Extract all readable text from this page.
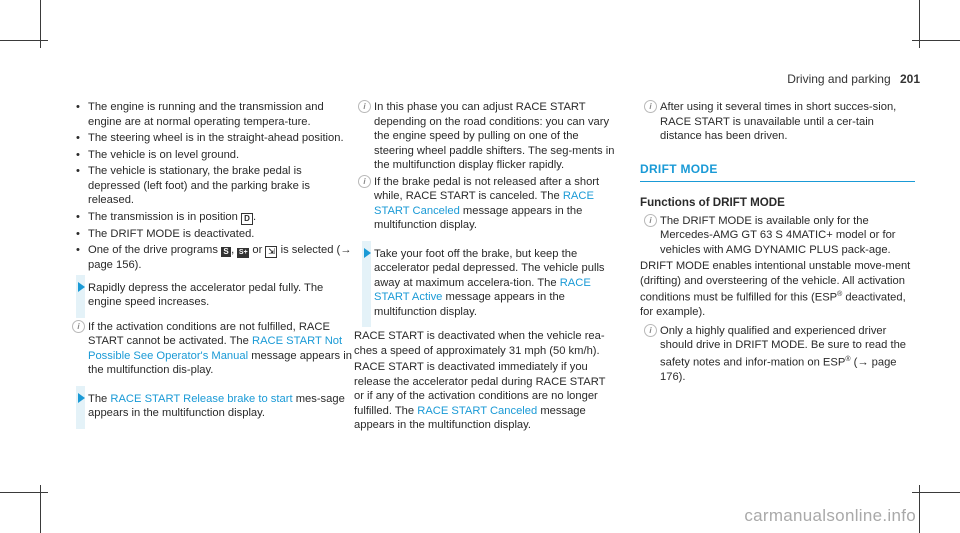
Driving and parking 201
• The engine is running and the transmission and engine are at normal operating tempera-ture.
• The steering wheel is in the straight-ahead position.
• The vehicle is on level ground.
• The vehicle is stationary, the brake pedal is depressed (left foot) and the parking brake is released.
• The transmission is in position D .
• The DRIFT MODE is deactivated.
• One of the drive programs S , S+ or ⇲ is selected (→ page 156).
Rapidly depress the accelerator pedal fully. The engine speed increases.
i If the activation conditions are not fulfilled, RACE START cannot be activated. The RACE START Not Possible See Operator's Manual message appears in the multifunction dis-play.
The RACE START Release brake to start mes-sage appears in the multifunction display.
i In this phase you can adjust RACE START depending on the road conditions: you can vary the engine speed by pulling on one of the steering wheel paddle shifters. The seg-ments in the multifunction display flicker rapidly.
i If the brake pedal is not released after a short while, RACE START is canceled. The RACE START Canceled message appears in the multifunction display.
Take your foot off the brake, but keep the accelerator pedal depressed. The vehicle pulls away at maximum accelera-tion. The RACE START Active message appears in the multifunction display.

RACE START is deactivated when the vehicle rea-ches a speed of approximately 31 mph (50 km/h).

RACE START is deactivated immediately if you release the accelerator pedal during RACE START or if any of the activation conditions are no longer fulfilled. The RACE START Canceled message appears in the multifunction display.

i After using it several times in short succes-sion, RACE START is unavailable until a cer-tain distance has been driven.
DRIFT MODE
Functions of DRIFT MODE
i The DRIFT MODE is available only for the Mercedes-AMG GT 63 S 4MATIC+ model or for vehicles with AMG DYNAMIC PLUS pack-age.

DRIFT MODE enables intentional unstable move-ment (drifting) and oversteering of the vehicle. All activation conditions must be fulfilled for this (ESP® deactivated, for example).

i Only a highly qualified and experienced driver should drive in DRIFT MODE. Be sure to read the safety notes and infor-mation on ESP® (→ page 176).
carmanualsonline.info
